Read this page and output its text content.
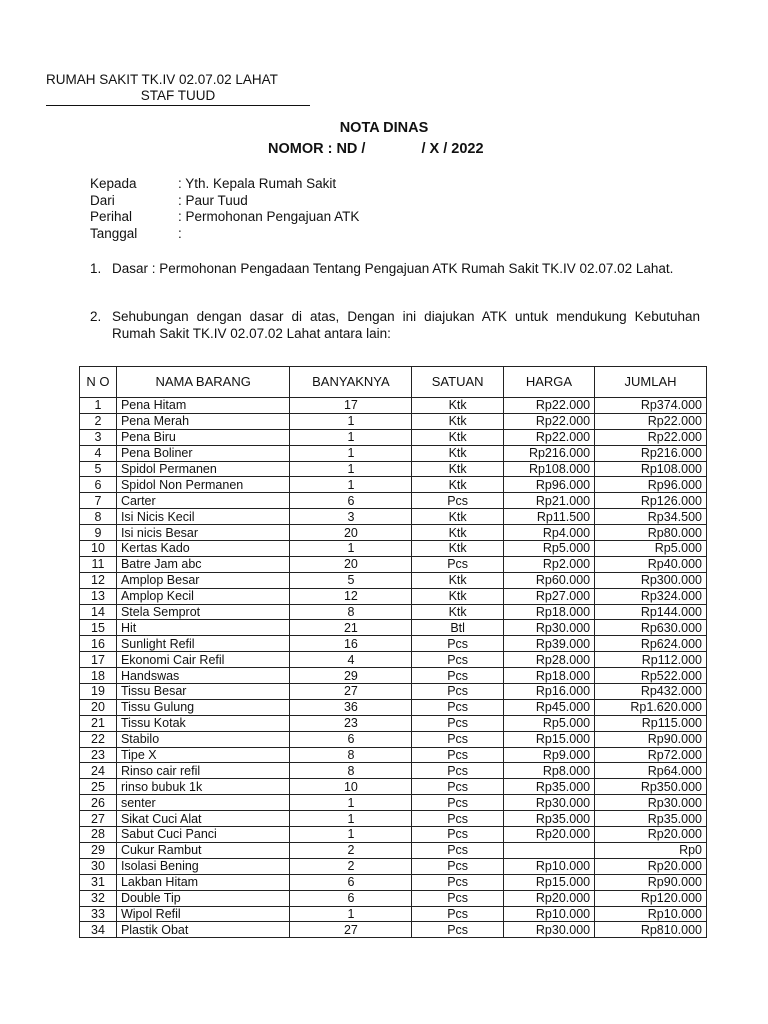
RUMAH SAKIT TK.IV 02.07.02 LAHAT
STAF TUUD
NOTA DINAS
NOMOR : ND /	/ X / 2022
Kepada	: Yth. Kepala Rumah Sakit
Dari	: Paur Tuud
Perihal	: Permohonan Pengajuan ATK
Tanggal	:
1. Dasar : Permohonan Pengadaan Tentang Pengajuan ATK Rumah Sakit TK.IV 02.07.02 Lahat.
2. Sehubungan dengan dasar di atas, Dengan ini diajukan ATK untuk mendukung Kebutuhan Rumah Sakit TK.IV 02.07.02 Lahat antara lain:
N O	NAMA BARANG	BANYAKNYA	SATUAN	HARGA	JUMLAH
1	Pena Hitam	17	Ktk	Rp22.000	Rp374.000
2	Pena Merah	1	Ktk	Rp22.000	Rp22.000
3	Pena Biru	1	Ktk	Rp22.000	Rp22.000
4	Pena Boliner	1	Ktk	Rp216.000	Rp216.000
5	Spidol Permanen	1	Ktk	Rp108.000	Rp108.000
6	Spidol Non Permanen	1	Ktk	Rp96.000	Rp96.000
7	Carter	6	Pcs	Rp21.000	Rp126.000
8	Isi Nicis Kecil	3	Ktk	Rp11.500	Rp34.500
9	Isi nicis Besar	20	Ktk	Rp4.000	Rp80.000
10	Kertas Kado	1	Ktk	Rp5.000	Rp5.000
11	Batre Jam abc	20	Pcs	Rp2.000	Rp40.000
12	Amplop Besar	5	Ktk	Rp60.000	Rp300.000
13	Amplop Kecil	12	Ktk	Rp27.000	Rp324.000
14	Stela Semprot	8	Ktk	Rp18.000	Rp144.000
15	Hit	21	Btl	Rp30.000	Rp630.000
16	Sunlight Refil	16	Pcs	Rp39.000	Rp624.000
17	Ekonomi Cair Refil	4	Pcs	Rp28.000	Rp112.000
18	Handswas	29	Pcs	Rp18.000	Rp522.000
19	Tissu Besar	27	Pcs	Rp16.000	Rp432.000
20	Tissu Gulung	36	Pcs	Rp45.000	Rp1.620.000
21	Tissu Kotak	23	Pcs	Rp5.000	Rp115.000
22	Stabilo	6	Pcs	Rp15.000	Rp90.000
23	Tipe X	8	Pcs	Rp9.000	Rp72.000
24	Rinso cair refil	8	Pcs	Rp8.000	Rp64.000
25	rinso bubuk 1k	10	Pcs	Rp35.000	Rp350.000
26	senter	1	Pcs	Rp30.000	Rp30.000
27	Sikat Cuci Alat	1	Pcs	Rp35.000	Rp35.000
28	Sabut Cuci Panci	1	Pcs	Rp20.000	Rp20.000
29	Cukur Rambut	2	Pcs		Rp0
30	Isolasi Bening	2	Pcs	Rp10.000	Rp20.000
31	Lakban Hitam	6	Pcs	Rp15.000	Rp90.000
32	Double Tip	6	Pcs	Rp20.000	Rp120.000
33	Wipol Refil	1	Pcs	Rp10.000	Rp10.000
34	Plastik Obat	27	Pcs	Rp30.000	Rp810.000
